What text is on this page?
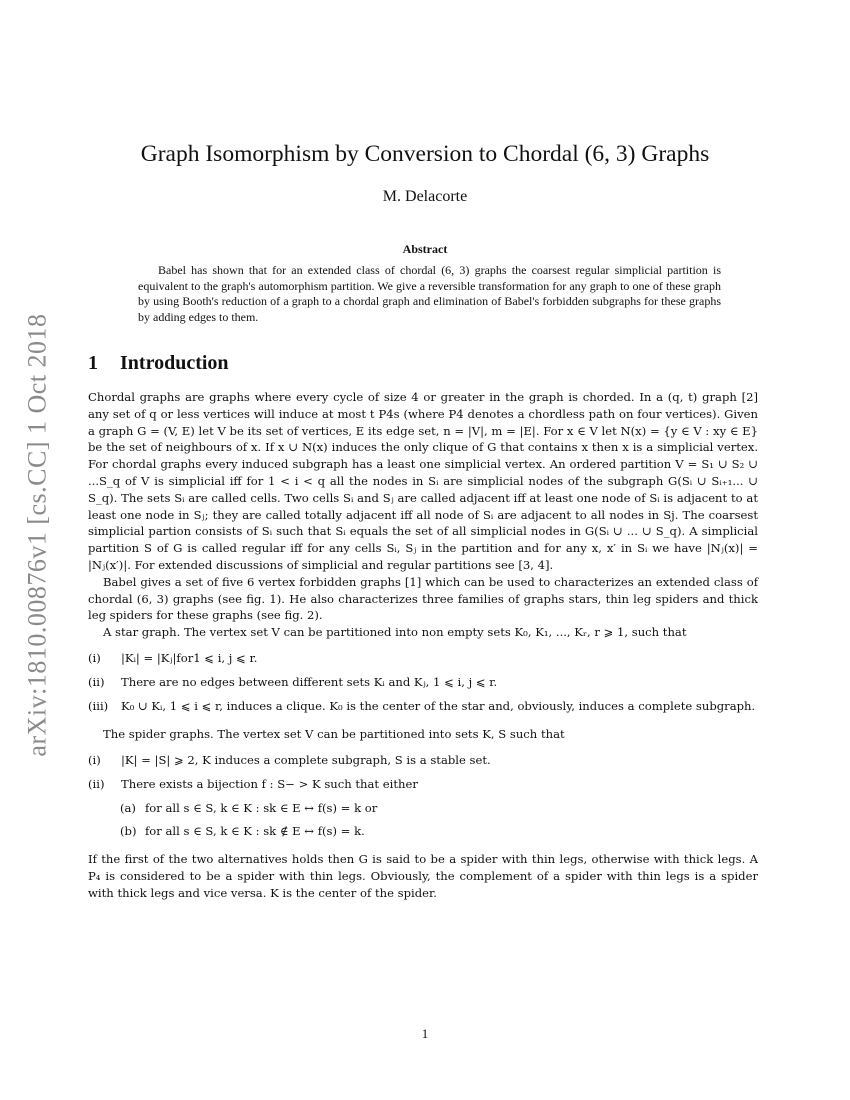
arXiv:1810.00876v1 [cs.CC] 1 Oct 2018
Graph Isomorphism by Conversion to Chordal (6, 3) Graphs
M. Delacorte
Abstract
Babel has shown that for an extended class of chordal (6, 3) graphs the coarsest regular simplicial partition is equivalent to the graph's automorphism partition. We give a reversible transformation for any graph to one of these graph by using Booth's reduction of a graph to a chordal graph and elimination of Babel's forbidden subgraphs for these graphs by adding edges to them.
1 Introduction

Chordal graphs are graphs where every cycle of size 4 or greater in the graph is chorded. In a (q, t) graph [2] any set of q or less vertices will induce at most t P4s (where P4 denotes a chordless path on four vertices). Given a graph G = (V, E) let V be its set of vertices, E its edge set, n = |V|, m = |E|. For x ∈ V let N(x) = {y ∈ V : xy ∈ E} be the set of neighbours of x. If x ∪ N(x) induces the only clique of G that contains x then x is a simplicial vertex. For chordal graphs every induced subgraph has a least one simplicial vertex. An ordered partition V = S₁ ∪ S₂ ∪ ...S_q of V is simplicial iff for 1 < i < q all the nodes in Sᵢ are simplicial nodes of the subgraph G(Sᵢ ∪ Sᵢ₊₁... ∪ S_q). The sets Sᵢ are called cells. Two cells Sᵢ and Sⱼ are called adjacent iff at least one node of Sᵢ is adjacent to at least one node in Sⱼ; they are called totally adjacent iff all node of Sᵢ are adjacent to all nodes in Sj. The coarsest simplicial partion consists of Sᵢ such that Sᵢ equals the set of all simplicial nodes in G(Sᵢ ∪ ... ∪ S_q). A simplicial partition S of G is called regular iff for any cells Sᵢ, Sⱼ in the partition and for any x, x′ in Sᵢ we have |Nⱼ(x)| = |Nⱼ(x′)|. For extended discussions of simplicial and regular partitions see [3, 4].

Babel gives a set of five 6 vertex forbidden graphs [1] which can be used to characterizes an extended class of chordal (6, 3) graphs (see fig. 1). He also characterizes three families of graphs stars, thin leg spiders and thick leg spiders for these graphs (see fig. 2).

A star graph. The vertex set V can be partitioned into non empty sets K₀, K₁, ..., Kᵣ, r ⩾ 1, such that

(i)	|Kᵢ| = |Kⱼ|for1 ⩽ i, j ⩽ r.
(ii)	There are no edges between different sets Kᵢ and Kⱼ, 1 ⩽ i, j ⩽ r.
(iii)	K₀ ∪ Kᵢ, 1 ⩽ i ⩽ r, induces a clique. K₀ is the center of the star and, obviously, induces a complete subgraph.

The spider graphs. The vertex set V can be partitioned into sets K, S such that

(i)	|K| = |S| ⩾ 2, K induces a complete subgraph, S is a stable set.
(ii)	There exists a bijection f : S− > K such that either
(a) for all s ∈ S, k ∈ K : sk ∈ E ↔ f(s) = k or
(b) for all s ∈ S, k ∈ K : sk ∉ E ↔ f(s) = k.

If the first of the two alternatives holds then G is said to be a spider with thin legs, otherwise with thick legs. A P₄ is considered to be a spider with thin legs. Obviously, the complement of a spider with thin legs is a spider with thick legs and vice versa. K is the center of the spider.

1
